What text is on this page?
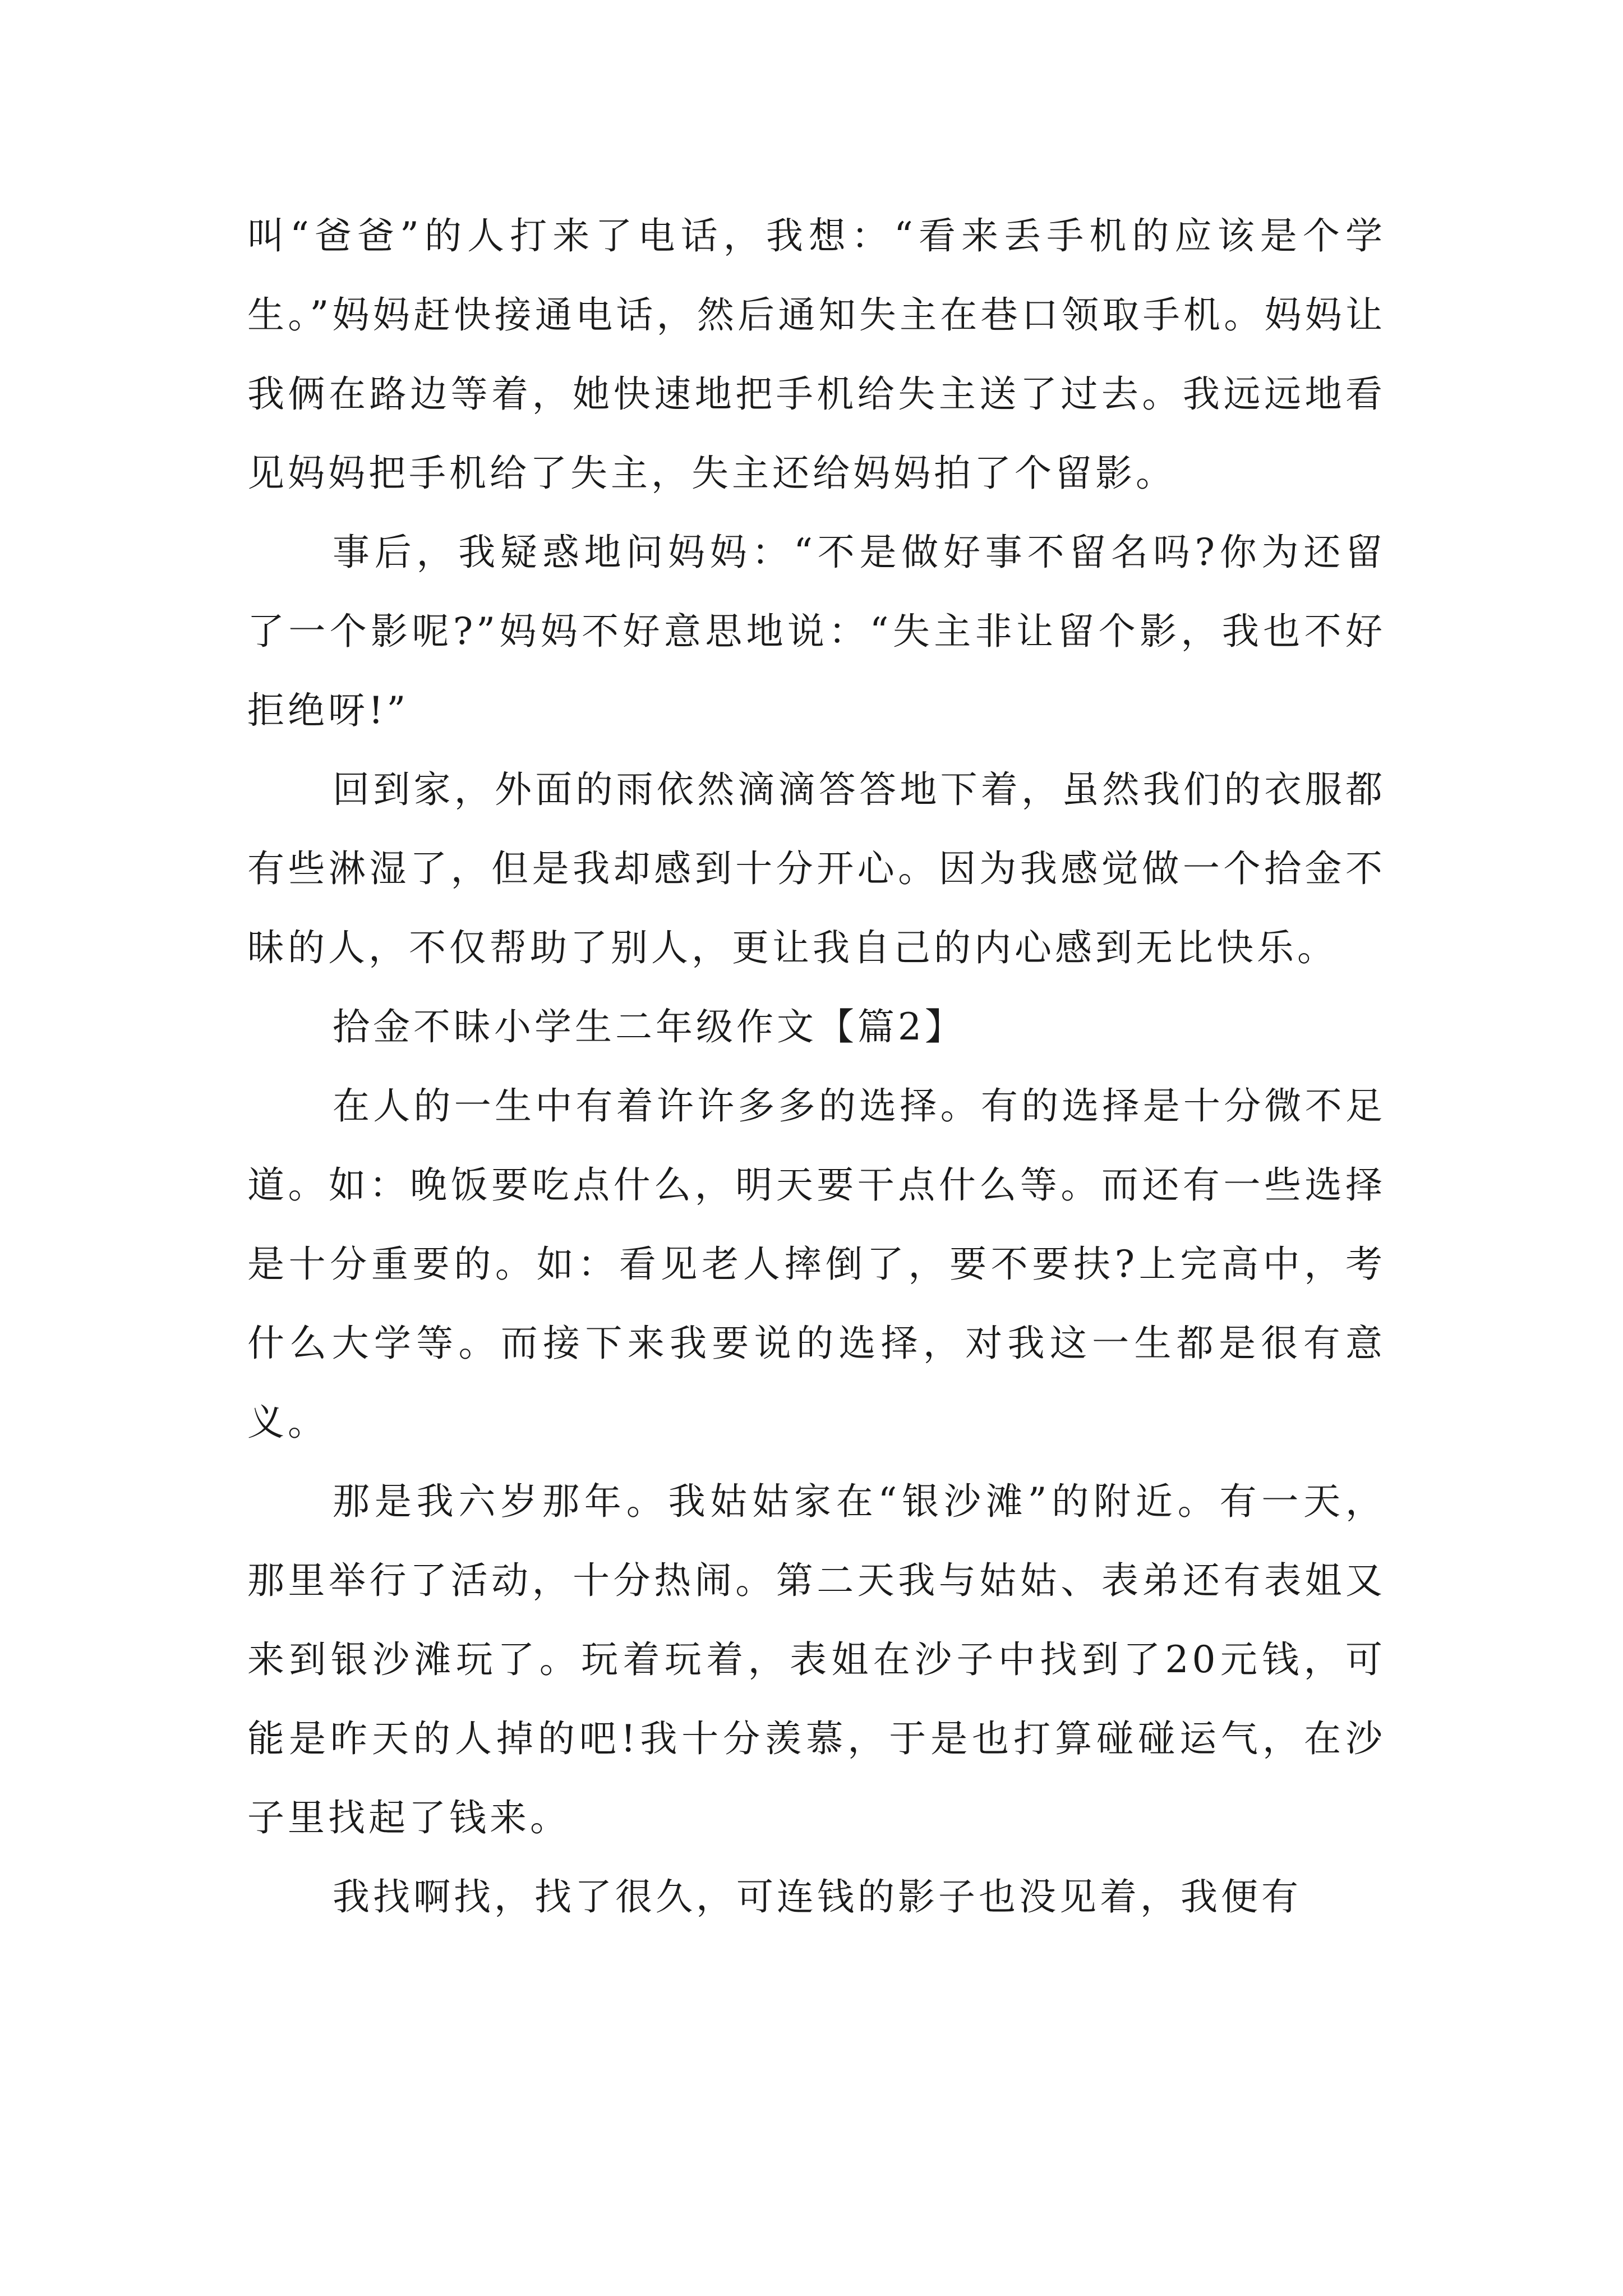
叫“爸爸”的人打来了电话，我想：“看来丢手机的应该是个学生。”妈妈赶快接通电话，然后通知失主在巷口领取手机。妈妈让我俩在路边等着，她快速地把手机给失主送了过去。我远远地看见妈妈把手机给了失主，失主还给妈妈拍了个留影。

事后，我疑惑地问妈妈：“不是做好事不留名吗?你为还留了一个影呢?”妈妈不好意思地说：“失主非让留个影，我也不好拒绝呀!”

回到家，外面的雨依然滴滴答答地下着，虽然我们的衣服都有些淋湿了，但是我却感到十分开心。因为我感觉做一个拾金不昧的人，不仅帮助了别人，更让我自己的内心感到无比快乐。

拾金不昧小学生二年级作文【篇2】

在人的一生中有着许许多多的选择。有的选择是十分微不足道。如：晚饭要吃点什么，明天要干点什么等。而还有一些选择是十分重要的。如：看见老人摔倒了，要不要扶?上完高中，考什么大学等。而接下来我要说的选择，对我这一生都是很有意义。

那是我六岁那年。我姑姑家在“银沙滩”的附近。有一天，那里举行了活动，十分热闹。第二天我与姑姑、表弟还有表姐又来到银沙滩玩了。玩着玩着，表姐在沙子中找到了20元钱，可能是昨天的人掉的吧!我十分羡慕，于是也打算碰碰运气，在沙子里找起了钱来。

我找啊找，找了很久，可连钱的影子也没见着，我便有
